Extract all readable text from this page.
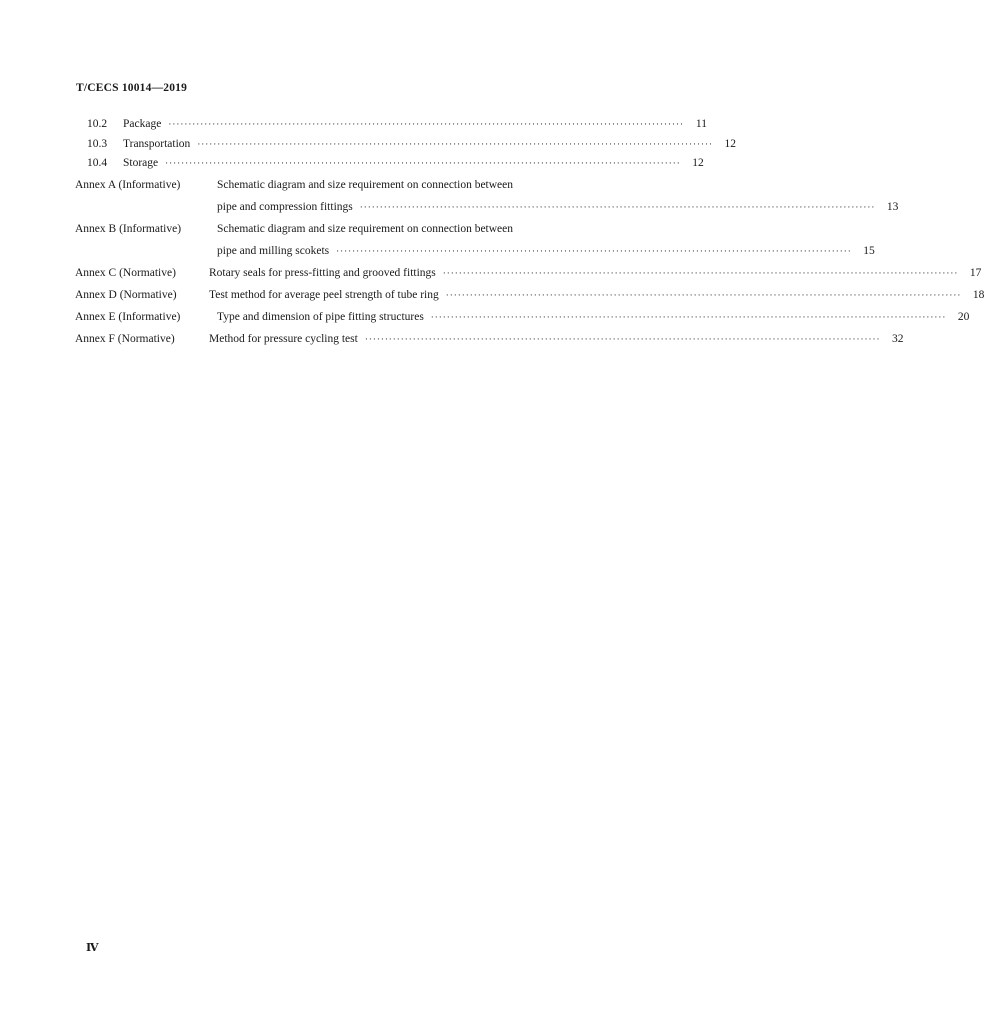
T/CECS 10014—2019
10.2	Package ·································································································································	11
10.3	Transportation ·································································································································	12
10.4	Storage ·································································································································	12
Annex A (Informative)	Schematic diagram and size requirement on connection between
pipe and compression fittings ·································································································································	13
Annex B (Informative)	Schematic diagram and size requirement on connection between
pipe and milling scokets ·································································································································	15
Annex C (Normative)	Rotary seals for press-fitting and grooved fittings ·································································································································	17
Annex D (Normative)	Test method for average peel strength of tube ring ·································································································································	18
Annex E (Informative)	Type and dimension of pipe fitting structures ·································································································································	20
Annex F (Normative)	Method for pressure cycling test ·································································································································	32
Ⅳ
